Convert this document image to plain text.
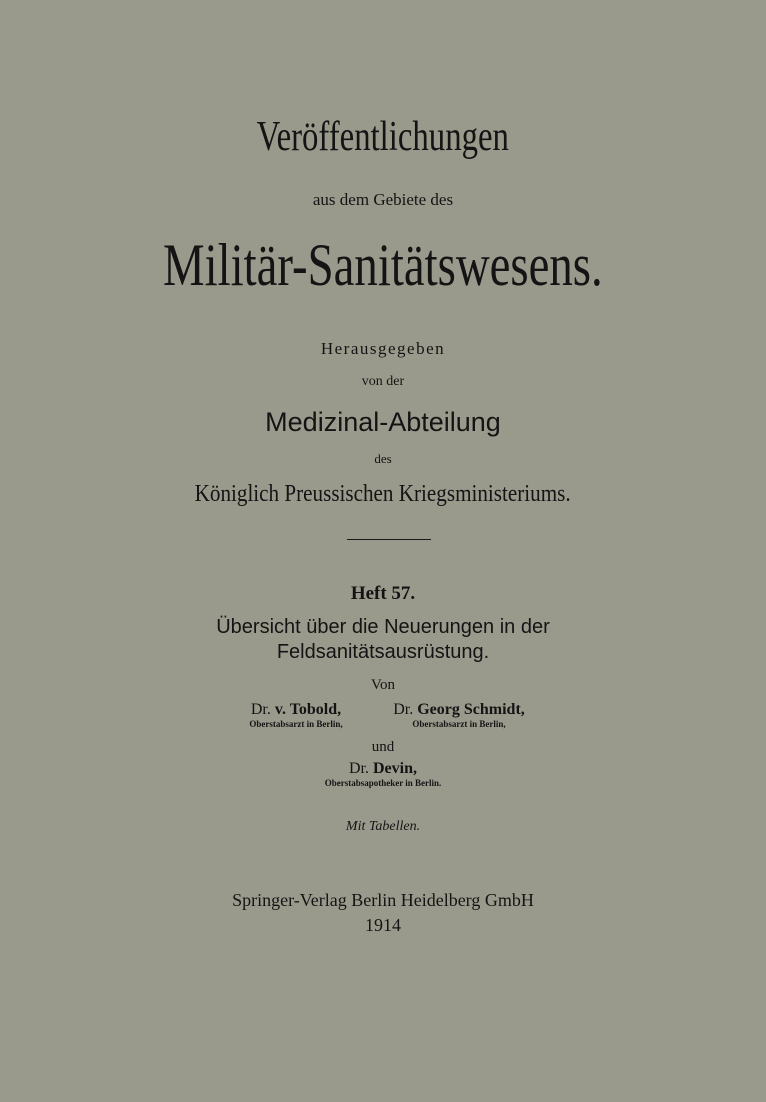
Veröffentlichungen
aus dem Gebiete des
Militär-Sanitätswesens.
Herausgegeben
von der
Medizinal-Abteilung
des
Königlich Preussischen Kriegsministeriums.
Heft 57.
Übersicht über die Neuerungen in der
Feldsanitätsausrüstung.
Von
Dr. v. Tobold,
Oberstabsarzt in Berlin,
Dr. Georg Schmidt,
Oberstabsarzt in Berlin,
und
Dr. Devin,
Oberstabsapotheker in Berlin.
Mit Tabellen.
Springer-Verlag Berlin Heidelberg GmbH
1914
